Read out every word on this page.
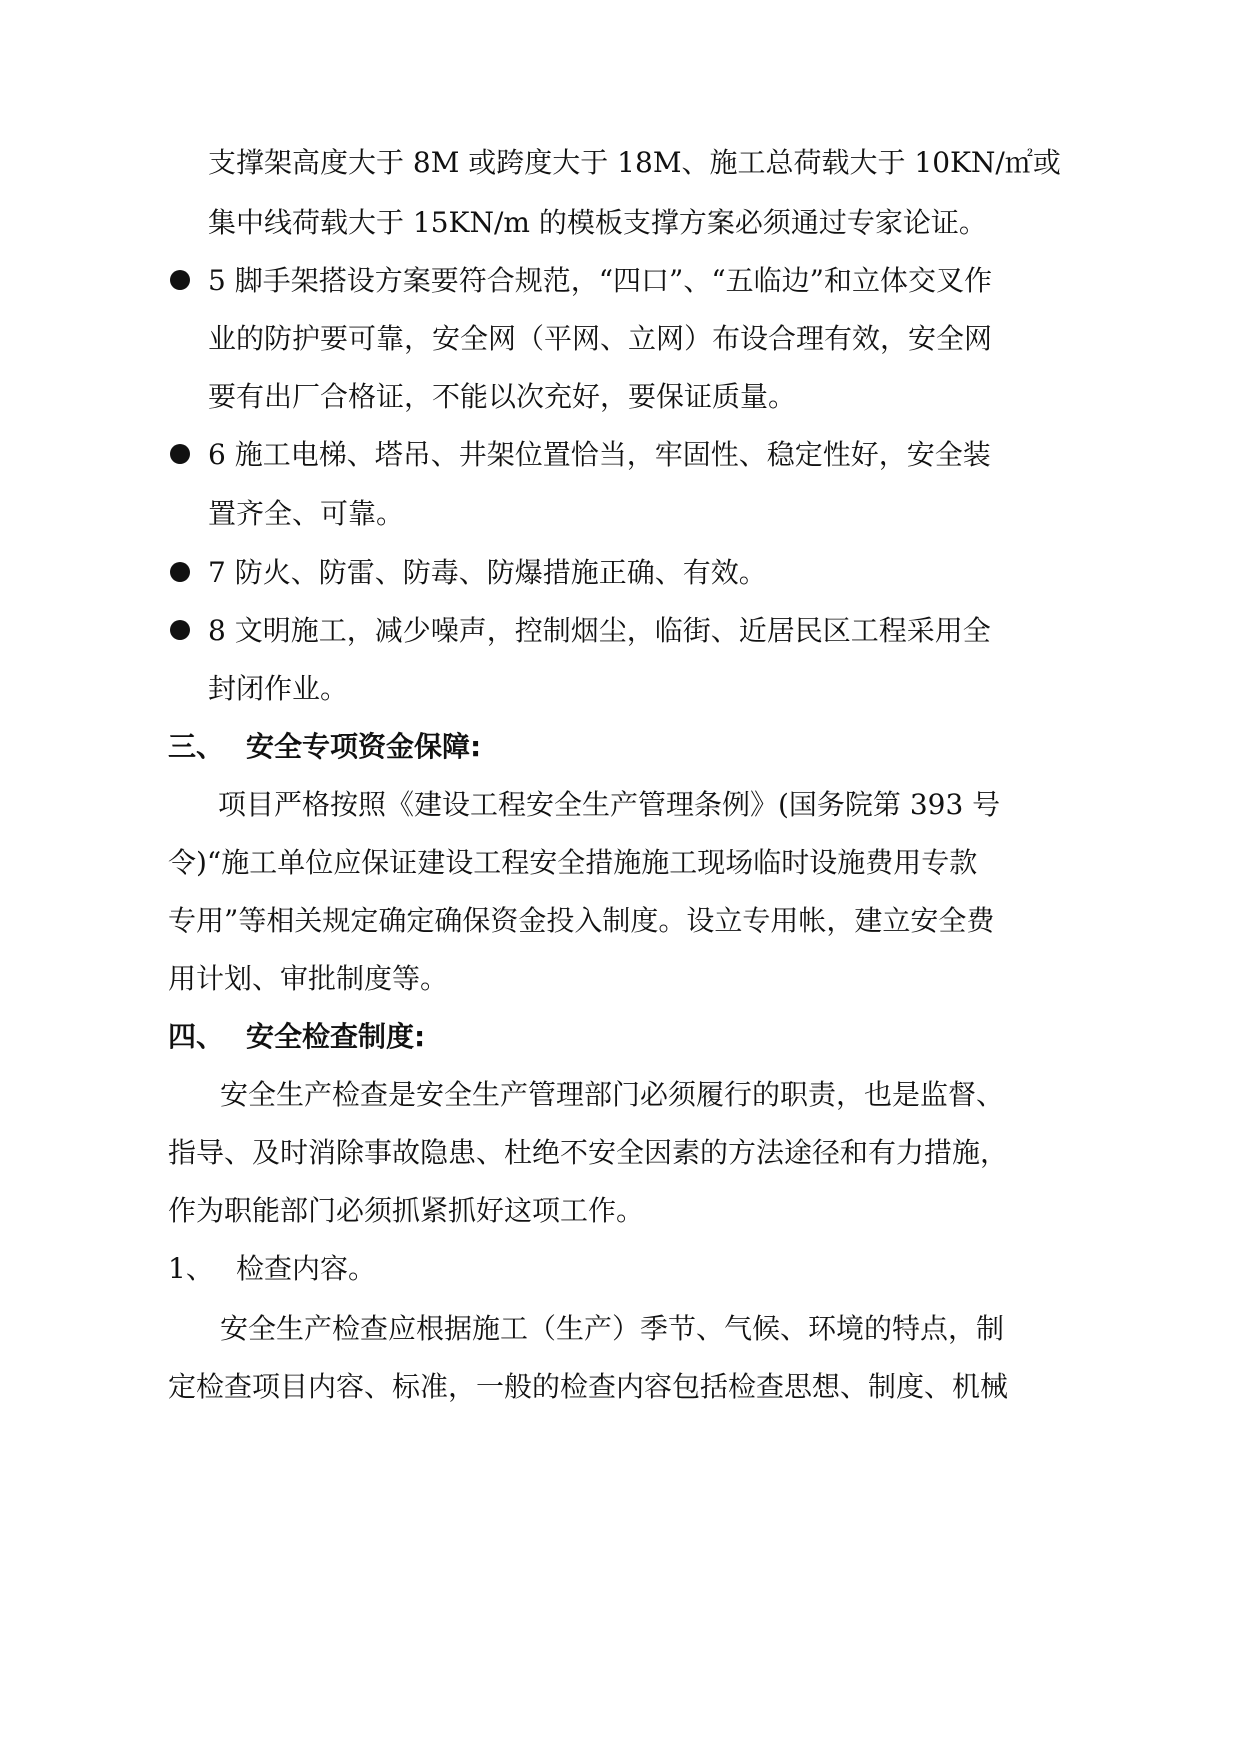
支撑架高度大于 8M 或跨度大于 18M、施工总荷载大于 10KN/㎡或
集中线荷载大于 15KN/m 的模板支撑方案必须通过专家论证。
5 脚手架搭设方案要符合规范，“四口”、“五临边”和立体交叉作
业的防护要可靠，安全网（平网、立网）布设合理有效，安全网
要有出厂合格证，不能以次充好，要保证质量。
6 施工电梯、塔吊、井架位置恰当，牢固性、稳定性好，安全装
置齐全、可靠。
7 防火、防雷、防毒、防爆措施正确、有效。
8 文明施工，减少噪声，控制烟尘，临街、近居民区工程采用全
封闭作业。
三、 安全专项资金保障:
项目严格按照《建设工程安全生产管理条例》(国务院第 393 号
令)“施工单位应保证建设工程安全措施施工现场临时设施费用专款
专用”等相关规定确定确保资金投入制度。设立专用帐，建立安全费
用计划、审批制度等。
四、 安全检查制度:
安全生产检查是安全生产管理部门必须履行的职责，也是监督、
指导、及时消除事故隐患、杜绝不安全因素的方法途径和有力措施，
作为职能部门必须抓紧抓好这项工作。
1、 检查内容。
安全生产检查应根据施工（生产）季节、气候、环境的特点，制
定检查项目内容、标准，一般的检查内容包括检查思想、制度、机械
